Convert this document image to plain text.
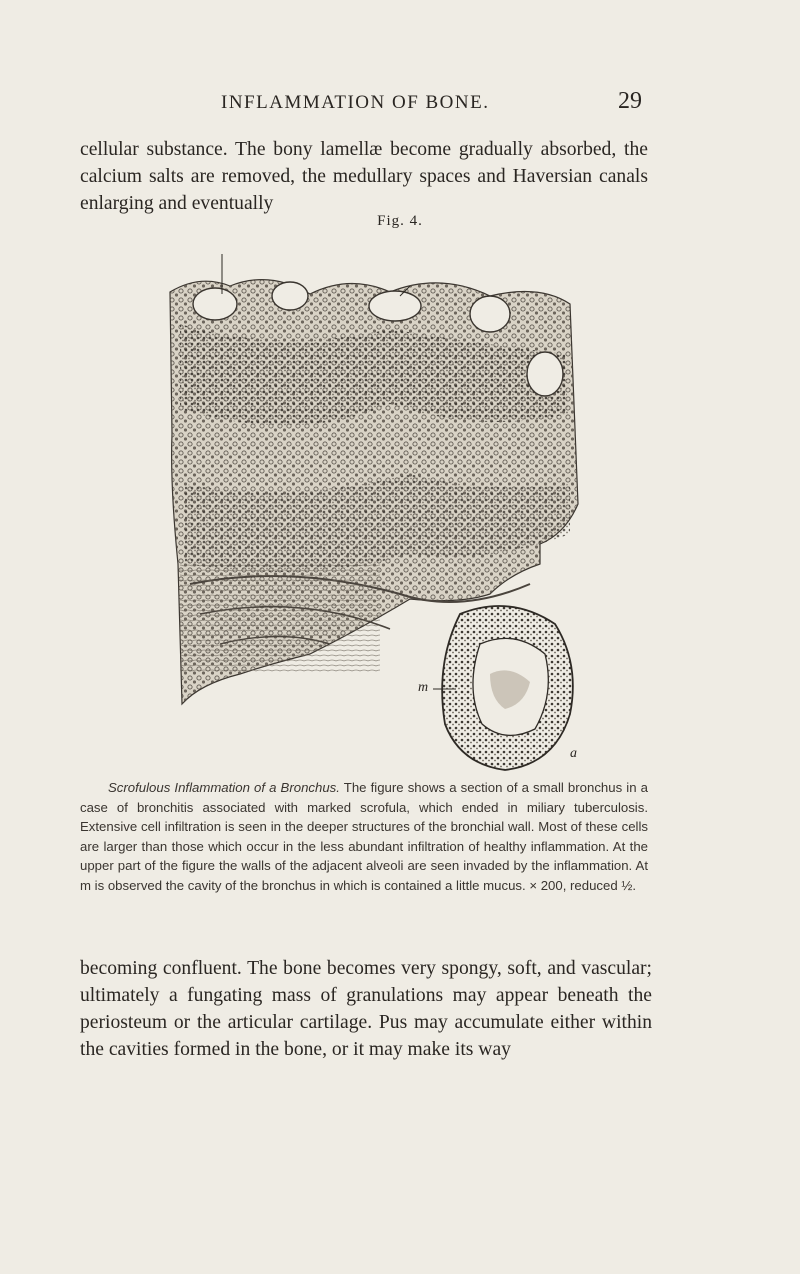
INFLAMMATION OF BONE.	29

cellular substance. The bony lamellæ become gradually absorbed, the calcium salts are removed, the medullary spaces and Haversian canals enlarging and eventually

Fig. 4.
m
a

Scrofulous Inflammation of a Bronchus. The figure shows a section of a small bronchus in a case of bronchitis associated with marked scrofula, which ended in miliary tuberculosis. Extensive cell infiltration is seen in the deeper structures of the bronchial wall. Most of these cells are larger than those which occur in the less abundant infiltration of healthy inflammation. At the upper part of the figure the walls of the adjacent alveoli are seen invaded by the inflammation. At m is observed the cavity of the bronchus in which is contained a little mucus. × 200, reduced ½.

becoming confluent. The bone becomes very spongy, soft, and vascular; ultimately a fungating mass of granulations may appear beneath the periosteum or the articular cartilage. Pus may accumulate either within the cavities formed in the bone, or it may make its way
